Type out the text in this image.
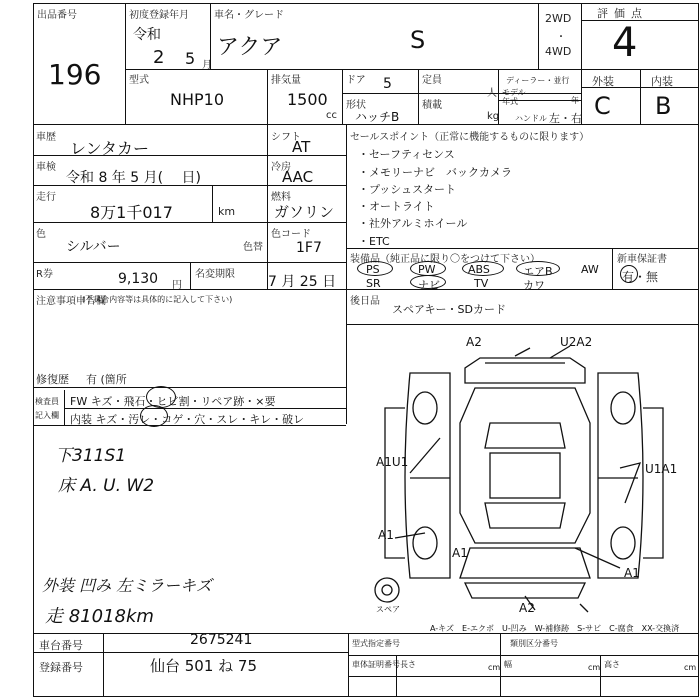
出品番号
196
初度登録年月
令和
2 5 月
車名・グレード
アクア	S
2WD
・
4WD
評価点
4
外装	内装
C B
型式
NHP10
排気量
1500
cc
ドア 5
形状
ハッチB
定員
人
積載
kg
ディーラー・並行
モデル
年式	年
ハンドル 左・右
車歴
レンタカー
シフト
AT
車検
令和 8 年 5 月(　 日)
冷房
AAC
走行
8万1千017	km
燃料
ガソリン
色
シルバー	色替
色コード
1F7
R券	9,130 円
名変期限 7 月 25 日
セールスポイント（正常に機能するものに限ります）
・セーフティセンス
・メモリーナビ　バックカメラ
・プッシュスタート
・オートライト
・社外アルミホイール
・ETC
装備品（純正品に限り〇をつけて下さい）	新車保証書
有・無
PS	PW	ABS	エアB	AW
SR	ナビ	TV	カワ
後日品
スペアキー・SDカード
注意事項申告欄
(不具合内容等は具体的に記入して下さい)
修復歴 有 (箇所
検査員
記入欄
FW キズ・飛石・ヒビ割・リペア跡・×要
内装 キズ・汚レ・コゲ・穴・スレ・キレ・破レ
下311S1
床 A. U. W2
外装 凹み 左ミラーキズ
走 81018km
A2	U2A2
A1U1	U1A1
A1
A1
A1
A2
スペア
A-キズ　E-エクボ　U-凹み　W-補修跡　S-サビ　C-腐食　XX-交換済
車台番号	2675241
登録番号	仙台 501 ね 75
型式指定番号	類別区分番号
車体証明番号 長さ	cm 幅	cm 高さ	cm
